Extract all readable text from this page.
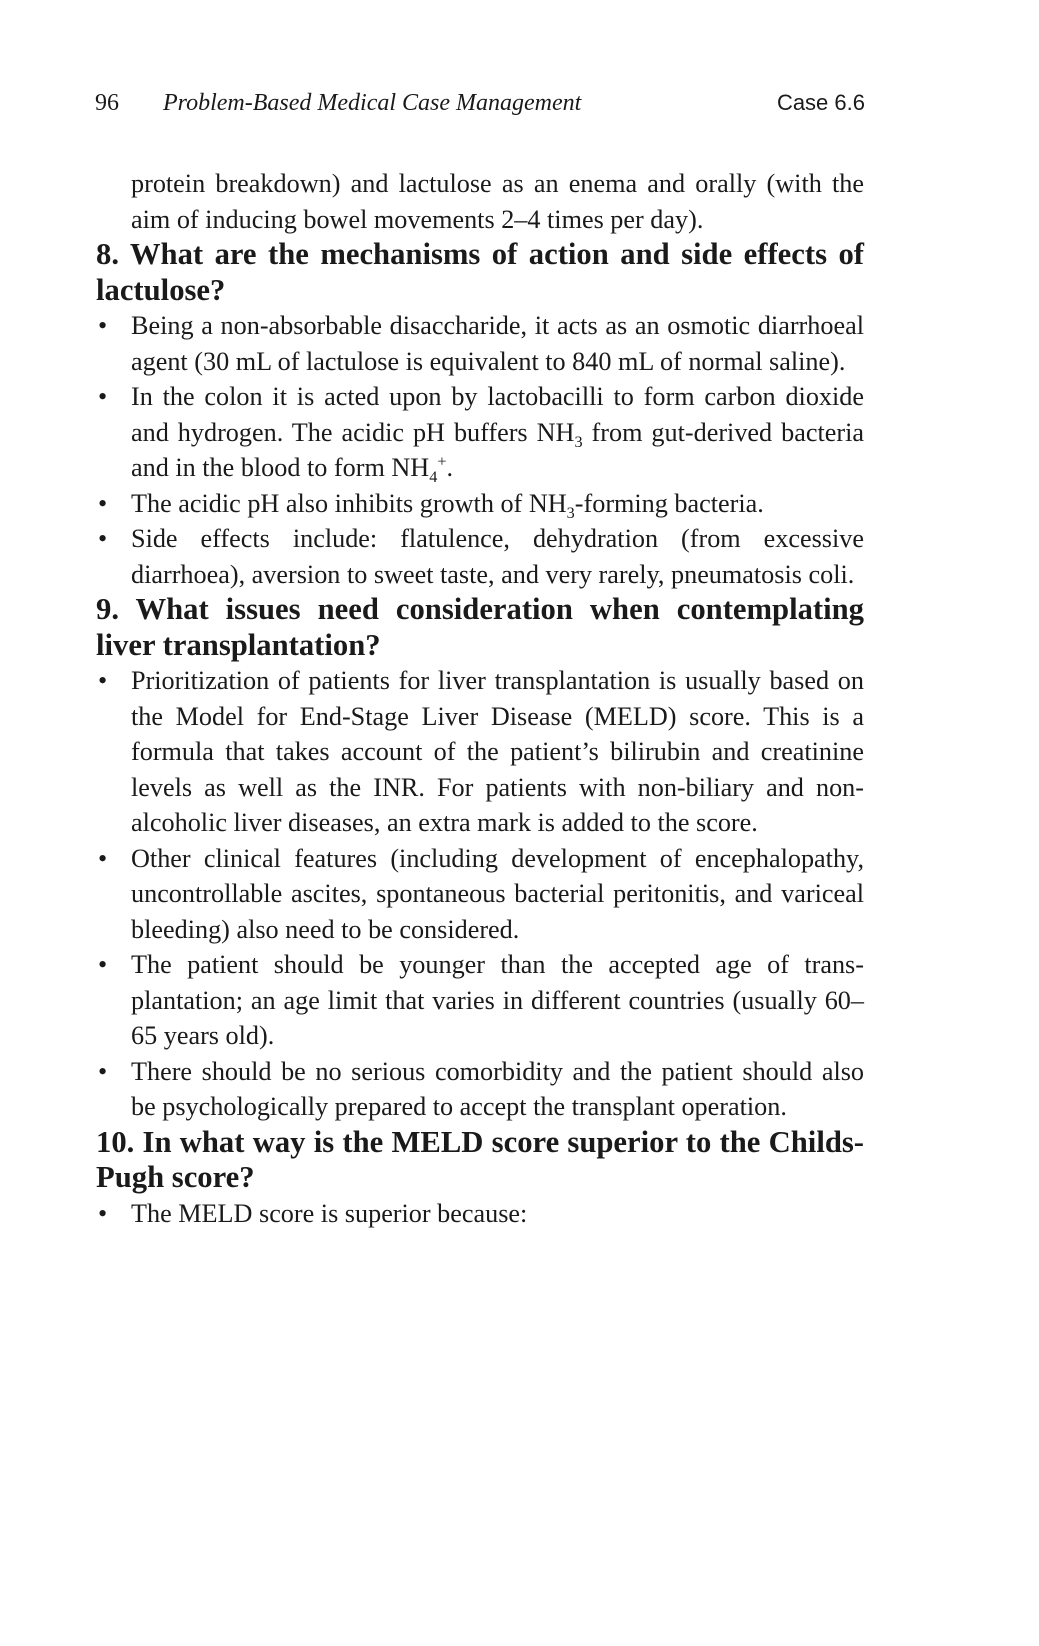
96 Problem-Based Medical Case Management	Case 6.6

protein breakdown) and lactulose as an enema and orally (with the aim of inducing bowel movements 2–4 times per day).

8. What are the mechanisms of action and side effects of lactulose?
• Being a non-absorbable disaccharide, it acts as an osmotic diarrhoeal agent (30 mL of lactulose is equivalent to 840 mL of normal saline).
• In the colon it is acted upon by lactobacilli to form carbon dioxide and hydrogen. The acidic pH buffers $NH_3$ from gut-derived bacteria and in the blood to form $NH_4^+$.
• The acidic pH also inhibits growth of $NH_3$-forming bacteria.
• Side effects include: flatulence, dehydration (from excessive diarrhoea), aversion to sweet taste, and very rarely, pneumatosis coli.
9. What issues need consideration when contemplating liver transplantation?
• Prioritization of patients for liver transplantation is usually based on the Model for End-Stage Liver Disease (MELD) score. This is a formula that takes account of the patient’s bilirubin and creatinine levels as well as the INR. For patients with non-biliary and non-alcoholic liver diseases, an extra mark is added to the score.
• Other clinical features (including development of encephalopathy, uncontrollable ascites, spontaneous bacterial peritonitis, and variceal bleeding) also need to be considered.
• The patient should be younger than the accepted age of transplantation; an age limit that varies in different countries (usually 60–65 years old).
• There should be no serious comorbidity and the patient should also be psychologically prepared to accept the transplant operation.
10. In what way is the MELD score superior to the Childs-Pugh score?
• The MELD score is superior because:
